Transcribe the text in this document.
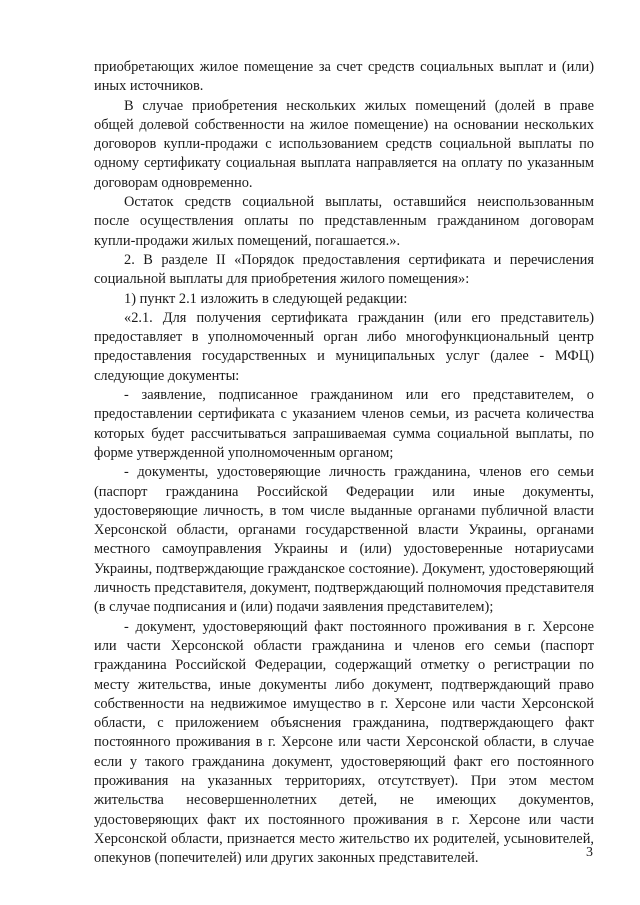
приобретающих жилое помещение за счет средств социальных выплат и (или) иных источников.

В случае приобретения нескольких жилых помещений (долей в праве общей долевой собственности на жилое помещение) на основании нескольких договоров купли-продажи с использованием средств социальной выплаты по одному сертификату социальная выплата направляется на оплату по указанным договорам одновременно.

Остаток средств социальной выплаты, оставшийся неиспользованным после осуществления оплаты по представленным гражданином договорам купли-продажи жилых помещений, погашается.».

2. В разделе II «Порядок предоставления сертификата и перечисления социальной выплаты для приобретения жилого помещения»:

1) пункт 2.1 изложить в следующей редакции:

«2.1. Для получения сертификата гражданин (или его представитель) предоставляет в уполномоченный орган либо многофункциональный центр предоставления государственных и муниципальных услуг (далее - МФЦ) следующие документы:

- заявление, подписанное гражданином или его представителем, о предоставлении сертификата с указанием членов семьи, из расчета количества которых будет рассчитываться запрашиваемая сумма социальной выплаты, по форме утвержденной уполномоченным органом;

- документы, удостоверяющие личность гражданина, членов его семьи (паспорт гражданина Российской Федерации или иные документы, удостоверяющие личность, в том числе выданные органами публичной власти Херсонской области, органами государственной власти Украины, органами местного самоуправления Украины и (или) удостоверенные нотариусами Украины, подтверждающие гражданское состояние). Документ, удостоверяющий личность представителя, документ, подтверждающий полномочия представителя (в случае подписания и (или) подачи заявления представителем);

- документ, удостоверяющий факт постоянного проживания в г. Херсоне или части Херсонской области гражданина и членов его семьи (паспорт гражданина Российской Федерации, содержащий отметку о регистрации по месту жительства, иные документы либо документ, подтверждающий право собственности на недвижимое имущество в г. Херсоне или части Херсонской области, с приложением объяснения гражданина, подтверждающего факт постоянного проживания в г. Херсоне или части Херсонской области, в случае если у такого гражданина документ, удостоверяющий факт его постоянного проживания на указанных территориях, отсутствует). При этом местом жительства несовершеннолетних детей, не имеющих документов, удостоверяющих факт их постоянного проживания в г. Херсоне или части Херсонской области, признается место жительство их родителей, усыновителей, опекунов (попечителей) или других законных представителей.	3
